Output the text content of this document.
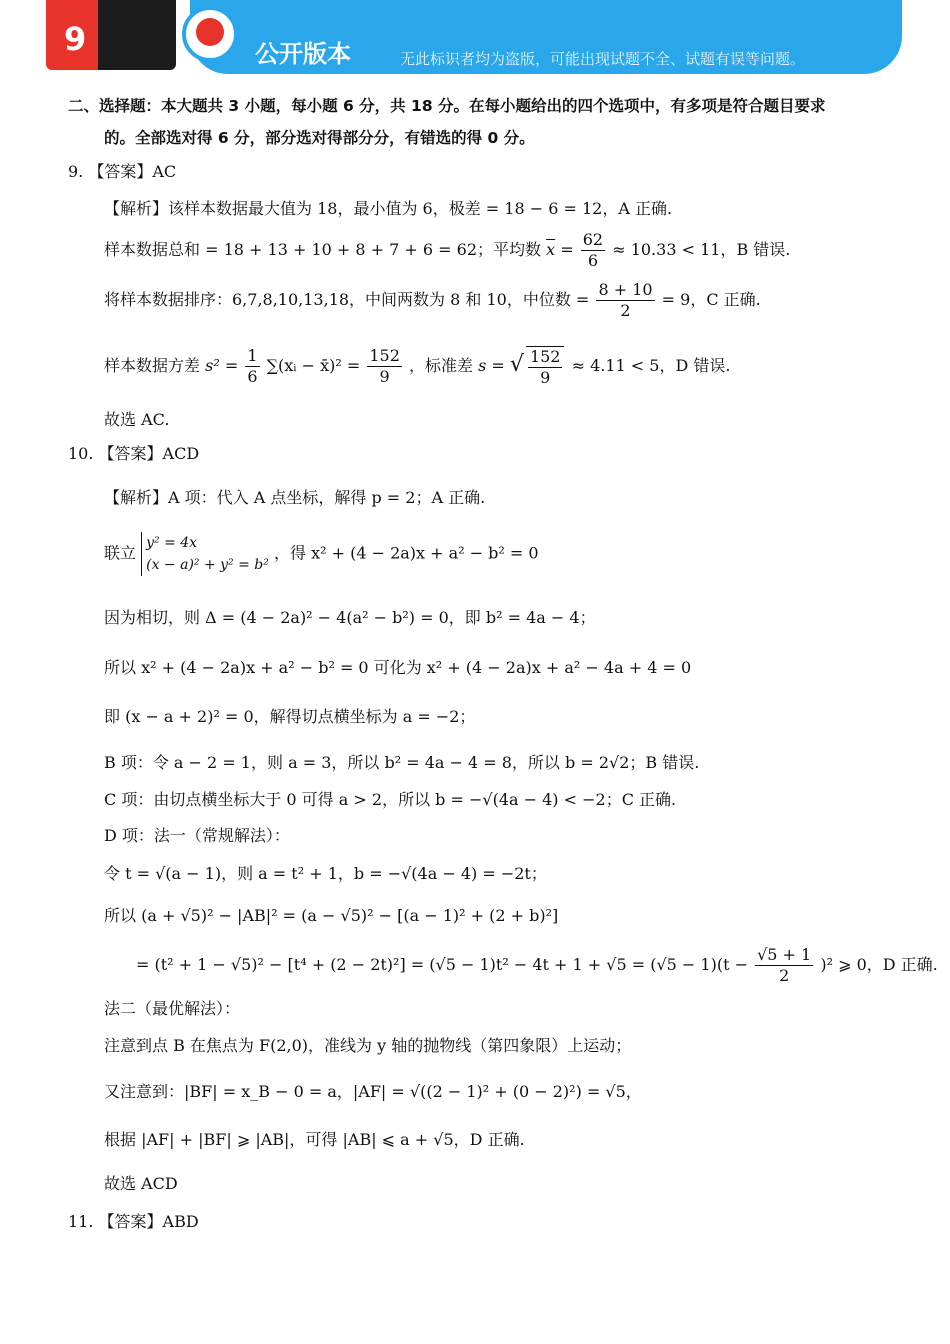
9	公开版本	无此标识者均为盗版，可能出现试题不全、试题有误等问题。
二、选择题：本大题共 3 小题，每小题 6 分，共 18 分。在每小题给出的四个选项中，有多项是符合题目要求
的。全部选对得 6 分，部分选对得部分分，有错选的得 0 分。
9. 【答案】AC
【解析】该样本数据最大值为 18，最小值为 6，极差 = 18 − 6 = 12，A 正确.
样本数据总和 = 18 + 13 + 10 + 8 + 7 + 6 = 62；平均数 $\overline{x} = \frac{62}{6} \approx 10.33 < 11$，B 错误.
将样本数据排序：6,7,8,10,13,18，中间两数为 8 和 10，中位数 = $\frac{8 + 10}{2} = 9$，C 正确.
样本数据方差 $s^2 = \frac{1}{6}$ ∑(xᵢ − x̄)² = $\frac{152}{9}$ ，标准差 s = √ $\frac{152}{9} \approx 4.11 < 5$，D 错误.
故选 AC.
10. 【答案】ACD
【解析】A 项：代入 A 点坐标，解得 p = 2；A 正确.
联立
y² = 4x
(x − a)² + y² = b²
，得 x² + (4 − 2a)x + a² − b² = 0
因为相切，则 Δ = (4 − 2a)² − 4(a² − b²) = 0，即 b² = 4a − 4；
所以 x² + (4 − 2a)x + a² − b² = 0 可化为 x² + (4 − 2a)x + a² − 4a + 4 = 0
即 (x − a + 2)² = 0，解得切点横坐标为 a = −2；
B 项：令 a − 2 = 1，则 a = 3，所以 b² = 4a − 4 = 8，所以 b = 2√2；B 错误.
C 项：由切点横坐标大于 0 可得 a > 2，所以 b = −√(4a − 4) < −2；C 正确.
D 项：法一（常规解法）：
令 t = √(a − 1)，则 a = t² + 1，b = −√(4a − 4) = −2t；
所以 (a + √5)² − |AB|² = (a − √5)² − [(a − 1)² + (2 + b)²]
= $(t^2 + 1 - √5)^2 - [t^4 + (2 - 2t)^2] = (√5 - 1)t^2 - 4t + 1 + √5 = (√5 - 1)(t - \frac{√5 + 1}{2} )^2$ ⩾ 0，D 正确.
法二（最优解法）：
注意到点 B 在焦点为 F(2,0)，准线为 y 轴的抛物线（第四象限）上运动；
又注意到：|BF| = x_B − 0 = a，|AF| = √((2 − 1)² + (0 − 2)²) = √5，
根据 |AF| + |BF| ⩾ |AB|，可得 |AB| ⩽ a + √5，D 正确.
故选 ACD
11. 【答案】ABD
